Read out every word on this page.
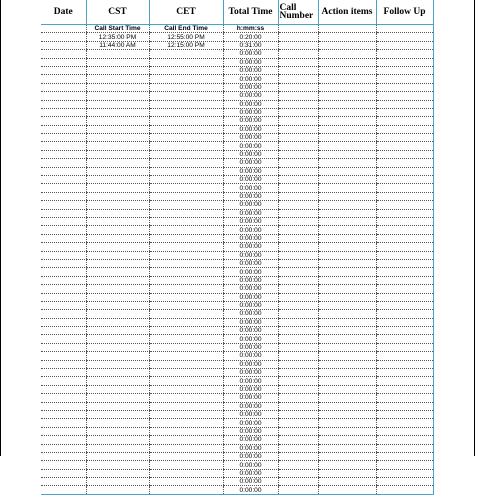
Date	CST	CET	Total Time	Call Number	Action items	Follow Up
	Call Start Time	Call End Time	h:mm:ss			
	12:35:00 PM	12:55:00 PM	0:20:00			
	11:44:00 AM	12:15:00 PM	0:31:00			
			0:00:00			
			0:00:00			
			0:00:00			
			0:00:00			
			0:00:00			
			0:00:00			
			0:00:00			
			0:00:00			
			0:00:00			
			0:00:00			
			0:00:00			
			0:00:00			
			0:00:00			
			0:00:00			
			0:00:00			
			0:00:00			
			0:00:00			
			0:00:00			
			0:00:00			
			0:00:00			
			0:00:00			
			0:00:00			
			0:00:00			
			0:00:00			
			0:00:00			
			0:00:00			
			0:00:00			
			0:00:00			
			0:00:00			
			0:00:00			
			0:00:00			
			0:00:00			
			0:00:00			
			0:00:00			
			0:00:00			
			0:00:00			
			0:00:00			
			0:00:00			
			0:00:00			
			0:00:00			
			0:00:00			
			0:00:00			
			0:00:00			
			0:00:00			
			0:00:00			
			0:00:00			
			0:00:00			
			0:00:00			
			0:00:00			
			0:00:00			
			0:00:00			
			0:00:00			
			0:00:00			
